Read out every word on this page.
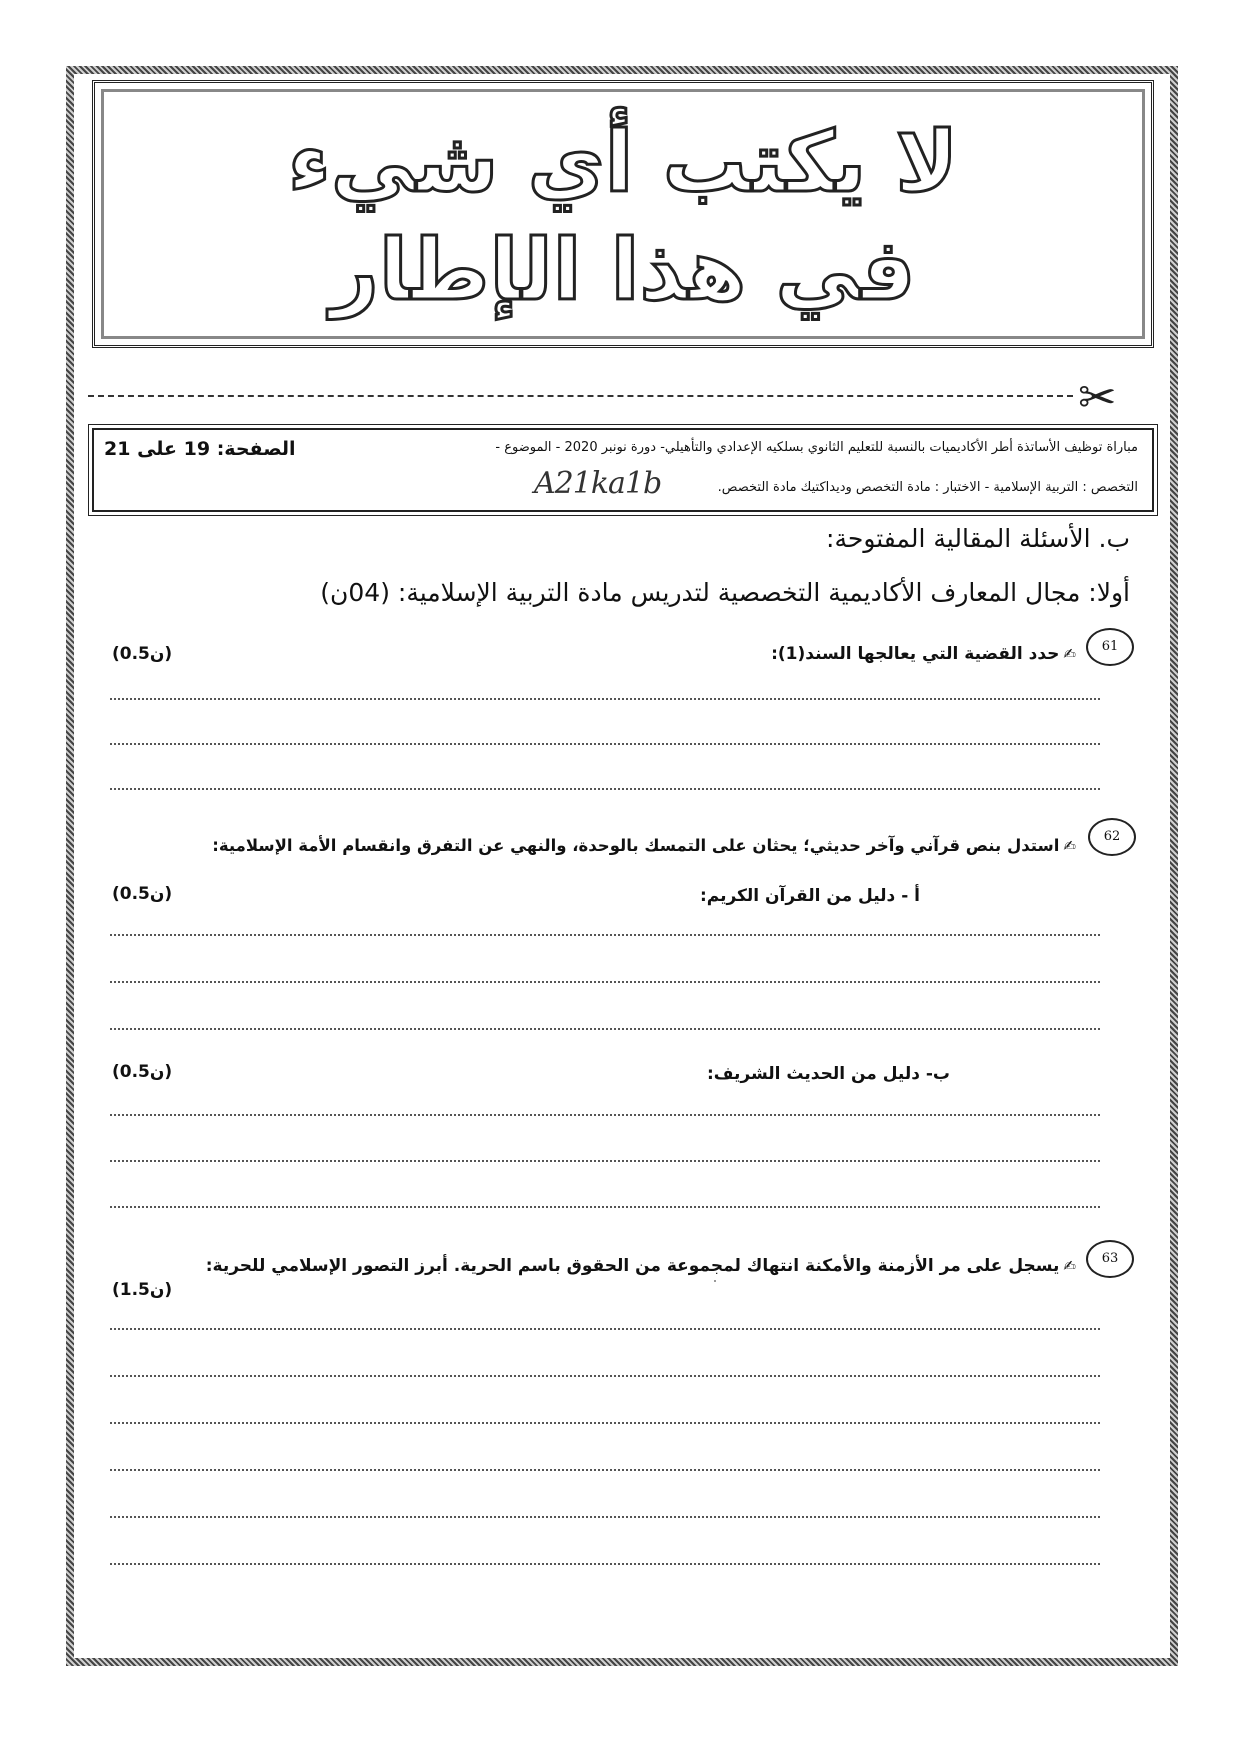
لا يكتب أي شيء
في هذا الإطار
✂
مباراة توظيف الأساتذة أطر الأكاديميات بالنسبة للتعليم الثانوي بسلكيه الإعدادي والتأهيلي- دورة نونبر 2020 - الموضوع -
الصفحة: 19 على 21
التخصص : التربية الإسلامية - الاختبار : مادة التخصص وديداكتيك مادة التخصص.
A21ka1b
ب. الأسئلة المقالية المفتوحة:
أولا: مجال المعارف الأكاديمية التخصصية لتدريس مادة التربية الإسلامية: (04ن)
61
✍حدد القضية التي يعالجها السند(1):
(0.5ن)
62
✍استدل بنص قرآني وآخر حديثي؛ يحثان على التمسك بالوحدة، والنهي عن التفرق وانقسام الأمة الإسلامية:
أ - دليل من القرآن الكريم:
(0.5ن)
ب- دليل من الحديث الشريف:
(0.5ن)
63
✍يسجل على مر الأزمنة والأمكنة انتهاك لمجموعة من الحقوق باسم الحرية. أبرز التصور الإسلامي للحرية:
(1.5ن)
